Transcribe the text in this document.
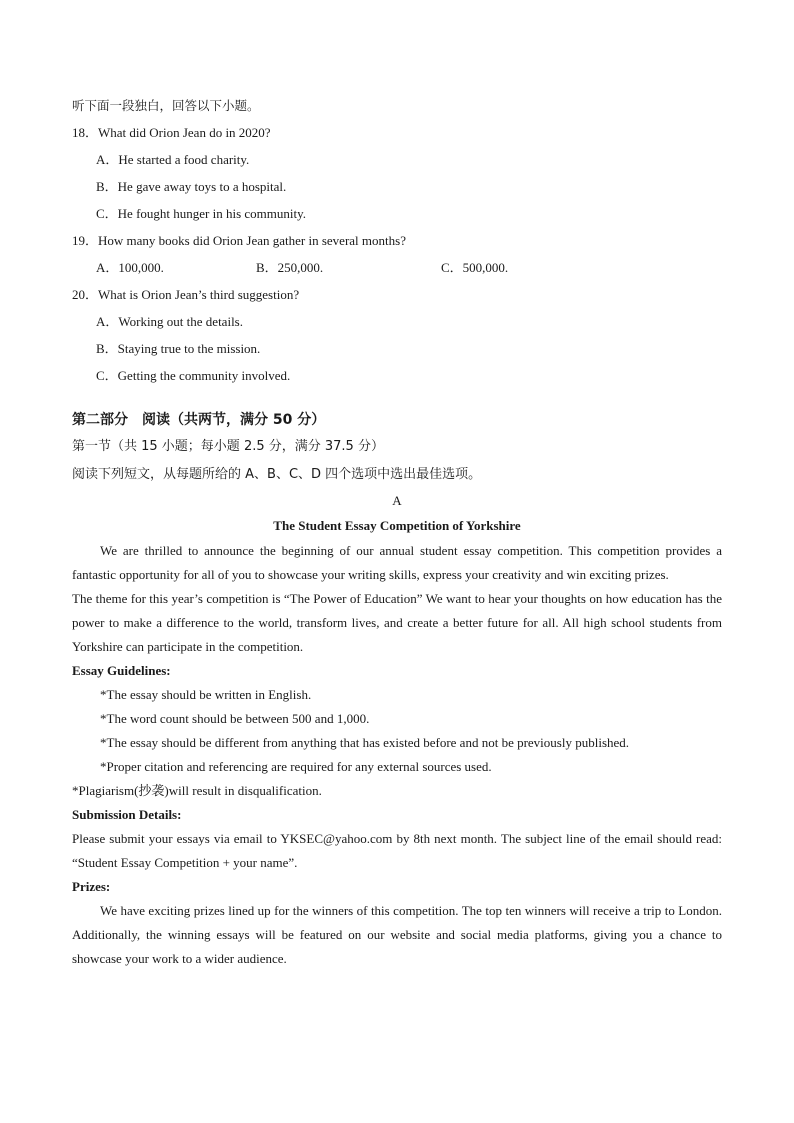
听下面一段独白，回答以下小题。
18．What did Orion Jean do in 2020?
A．He started a food charity.
B．He gave away toys to a hospital.
C．He fought hunger in his community.
19．How many books did Orion Jean gather in several months?
A．100,000.	B．250,000.	C．500,000.
20．What is Orion Jean’s third suggestion?
A．Working out the details.
B．Staying true to the mission.
C．Getting the community involved.
第二部分　阅读（共两节，满分 50 分）
第一节（共 15 小题；每小题 2.5 分，满分 37.5 分）
阅读下列短文，从每题所给的 A、B、C、D 四个选项中选出最佳选项。
A
The Student Essay Competition of Yorkshire
We are thrilled to announce the beginning of our annual student essay competition. This competition provides a fantastic opportunity for all of you to showcase your writing skills, express your creativity and win exciting prizes.
The theme for this year’s competition is “The Power of Education” We want to hear your thoughts on how education has the power to make a difference to the world, transform lives, and create a better future for all. All high school students from Yorkshire can participate in the competition.
Essay Guidelines:
*The essay should be written in English.
*The word count should be between 500 and 1,000.
*The essay should be different from anything that has existed before and not be previously published.
*Proper citation and referencing are required for any external sources used.
*Plagiarism(抄袭)will result in disqualification.
Submission Details:
Please submit your essays via email to YKSEC@yahoo.com by 8th next month. The subject line of the email should read: “Student Essay Competition + your name”.
Prizes:
We have exciting prizes lined up for the winners of this competition. The top ten winners will receive a trip to London. Additionally, the winning essays will be featured on our website and social media platforms, giving you a chance to showcase your work to a wider audience.
